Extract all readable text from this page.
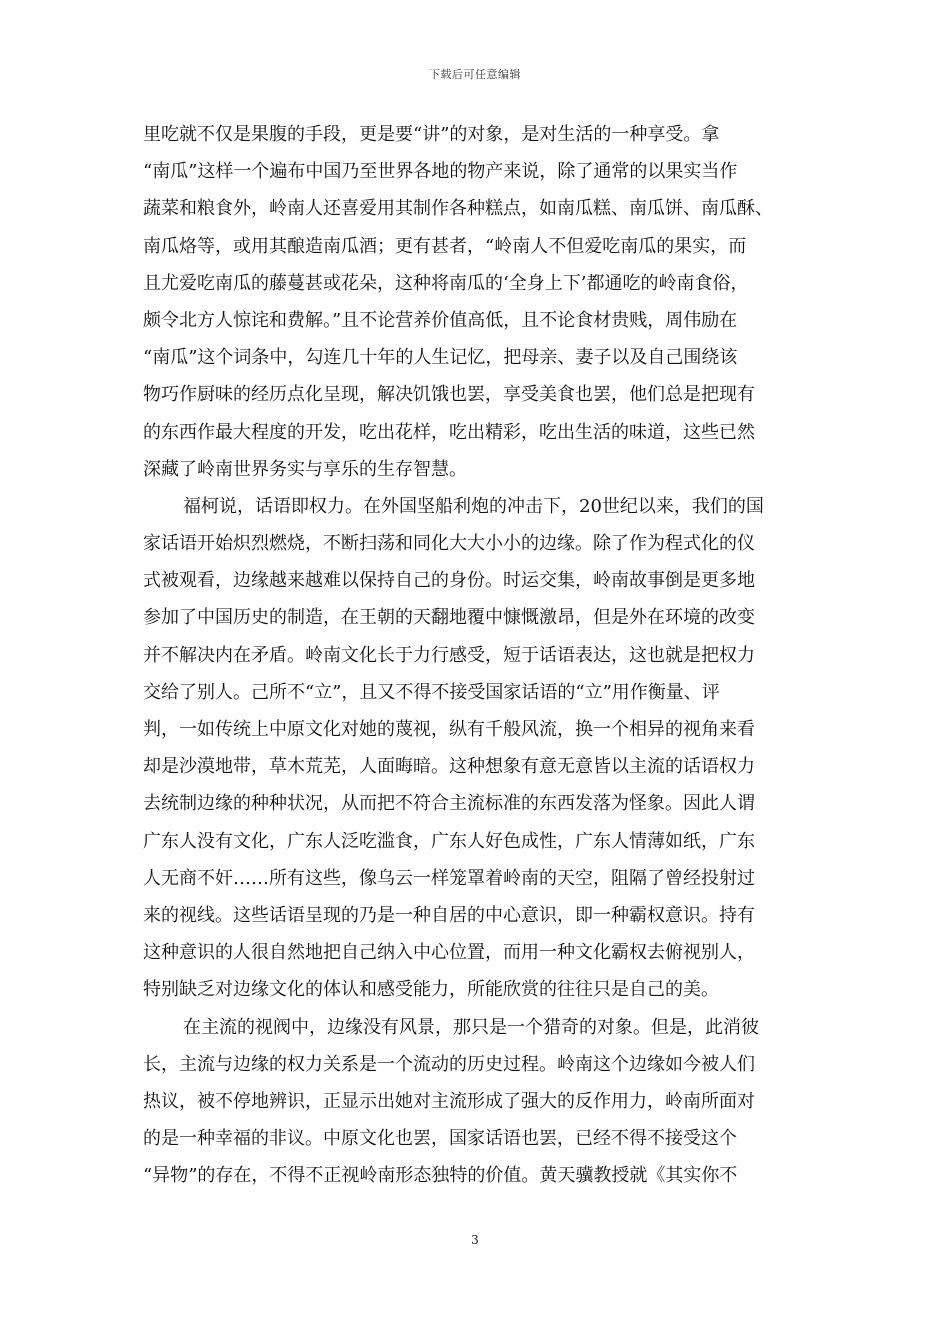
下载后可任意编辑
里吃就不仅是果腹的手段，更是要“讲”的对象，是对生活的一种享受。拿
“南瓜”这样一个遍布中国乃至世界各地的物产来说，除了通常的以果实当作
蔬菜和粮食外，岭南人还喜爱用其制作各种糕点，如南瓜糕、南瓜饼、南瓜酥、
南瓜烙等，或用其酿造南瓜酒；更有甚者，“岭南人不但爱吃南瓜的果实，而
且尤爱吃南瓜的藤蔓甚或花朵，这种将南瓜的‘全身上下’都通吃的岭南食俗，
颇令北方人惊诧和费解。”且不论营养价值高低，且不论食材贵贱，周伟励在
“南瓜”这个词条中，勾连几十年的人生记忆，把母亲、妻子以及自己围绕该
物巧作厨味的经历点化呈现，解决饥饿也罢，享受美食也罢，他们总是把现有
的东西作最大程度的开发，吃出花样，吃出精彩，吃出生活的味道，这些已然
深藏了岭南世界务实与享乐的生存智慧。
福柯说，话语即权力。在外国坚船利炮的冲击下，20世纪以来，我们的国
家话语开始炽烈燃烧，不断扫荡和同化大大小小的边缘。除了作为程式化的仪
式被观看，边缘越来越难以保持自己的身份。时运交集，岭南故事倒是更多地
参加了中国历史的制造，在王朝的天翻地覆中慷慨激昂，但是外在环境的改变
并不解决内在矛盾。岭南文化长于力行感受，短于话语表达，这也就是把权力
交给了别人。己所不“立”，且又不得不接受国家话语的“立”用作衡量、评
判，一如传统上中原文化对她的蔑视，纵有千般风流，换一个相异的视角来看
却是沙漠地带，草木荒芜，人面晦暗。这种想象有意无意皆以主流的话语权力
去统制边缘的种种状况，从而把不符合主流标准的东西发落为怪象。因此人谓
广东人没有文化，广东人泛吃滥食，广东人好色成性，广东人情薄如纸，广东
人无商不奸……所有这些，像乌云一样笼罩着岭南的天空，阻隔了曾经投射过
来的视线。这些话语呈现的乃是一种自居的中心意识，即一种霸权意识。持有
这种意识的人很自然地把自己纳入中心位置，而用一种文化霸权去俯视别人，
特别缺乏对边缘文化的体认和感受能力，所能欣赏的往往只是自己的美。
在主流的视阀中，边缘没有风景，那只是一个猎奇的对象。但是，此消彼
长，主流与边缘的权力关系是一个流动的历史过程。岭南这个边缘如今被人们
热议，被不停地辨识，正显示出她对主流形成了强大的反作用力，岭南所面对
的是一种幸福的非议。中原文化也罢，国家话语也罢，已经不得不接受这个
“异物”的存在，不得不正视岭南形态独特的价值。黄天骥教授就《其实你不
3
